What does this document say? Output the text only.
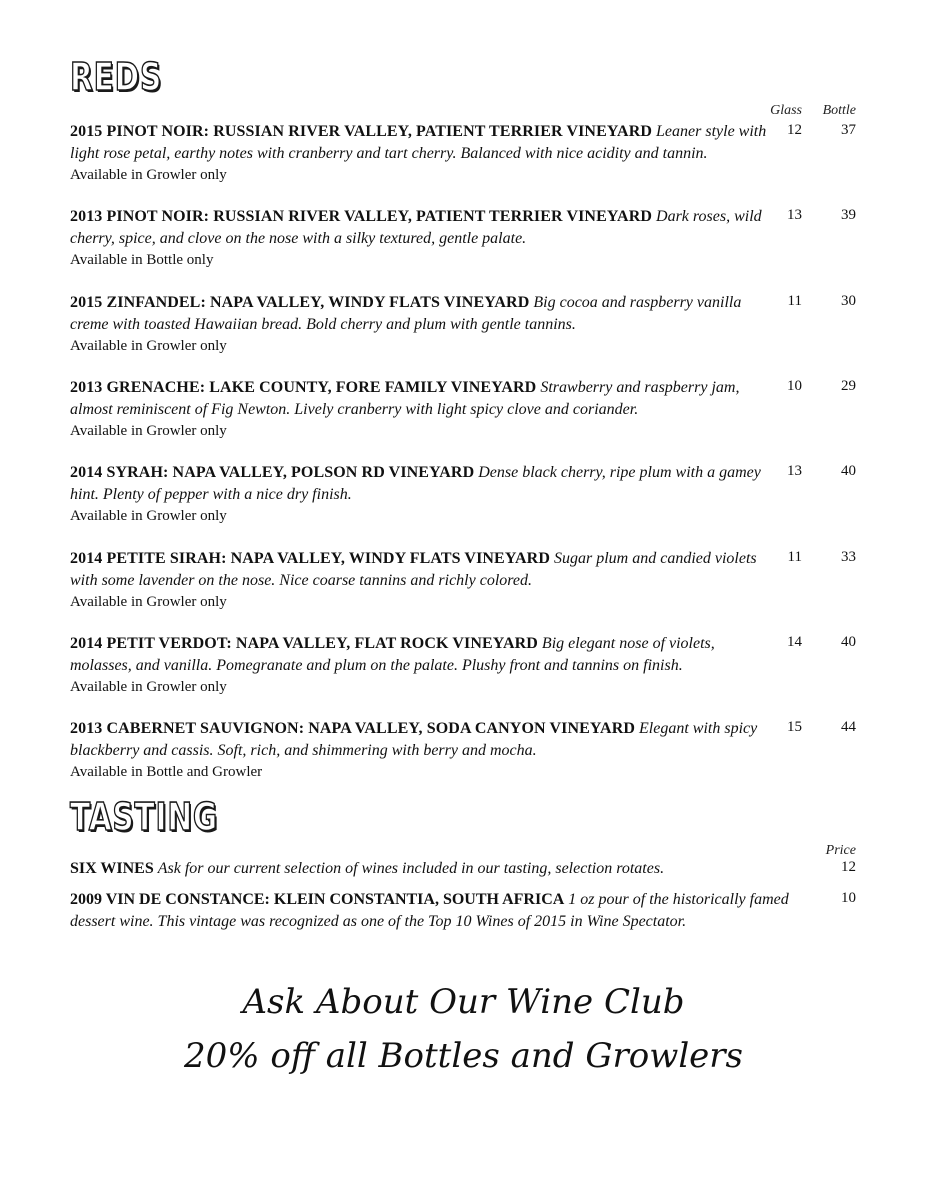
REDS
Glass	Bottle
2015 PINOT NOIR: RUSSIAN RIVER VALLEY, PATIENT TERRIER VINEYARD Leaner style with light rose petal, earthy notes with cranberry and tart cherry. Balanced with nice acidity and tannin.
Available in Growler only
12	37
2013 PINOT NOIR: RUSSIAN RIVER VALLEY, PATIENT TERRIER VINEYARD Dark roses, wild cherry, spice, and clove on the nose with a silky textured, gentle palate.
Available in Bottle only
13	39
2015 ZINFANDEL: NAPA VALLEY, WINDY FLATS VINEYARD Big cocoa and raspberry vanilla creme with toasted Hawaiian bread. Bold cherry and plum with gentle tannins.
Available in Growler only
11	30
2013 GRENACHE: LAKE COUNTY, FORE FAMILY VINEYARD Strawberry and raspberry jam, almost reminiscent of Fig Newton. Lively cranberry with light spicy clove and coriander.
Available in Growler only
10	29
2014 SYRAH: NAPA VALLEY, POLSON RD VINEYARD Dense black cherry, ripe plum with a gamey hint. Plenty of pepper with a nice dry finish.
Available in Growler only
13	40
2014 PETITE SIRAH: NAPA VALLEY, WINDY FLATS VINEYARD Sugar plum and candied violets with some lavender on the nose. Nice coarse tannins and richly colored.
Available in Growler only
11	33
2014 PETIT VERDOT: NAPA VALLEY, FLAT ROCK VINEYARD Big elegant nose of violets, molasses, and vanilla. Pomegranate and plum on the palate. Plushy front and tannins on finish.
Available in Growler only
14	40
2013 CABERNET SAUVIGNON: NAPA VALLEY, SODA CANYON VINEYARD Elegant with spicy blackberry and cassis. Soft, rich, and shimmering with berry and mocha.
Available in Bottle and Growler
15	44
TASTING
Price
SIX WINES Ask for our current selection of wines included in our tasting, selection rotates.	12
2009 VIN DE CONSTANCE: KLEIN CONSTANTIA, SOUTH AFRICA 1 oz pour of the historically famed dessert wine. This vintage was recognized as one of the Top 10 Wines of 2015 in Wine Spectator.
10
Ask About Our Wine Club
20% off all Bottles and Growlers
